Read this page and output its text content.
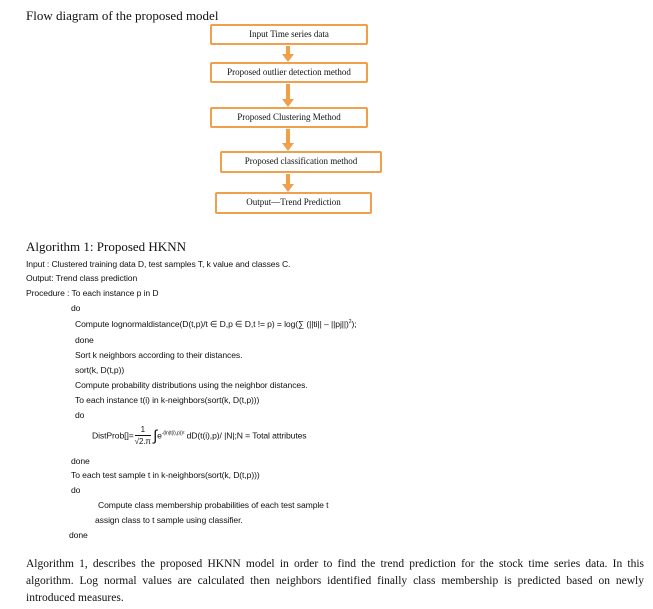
Flow diagram of the proposed model
Input Time series data
Proposed outlier detection method
Proposed Clustering Method
Proposed classification method
Output—Trend Prediction
Algorithm 1: Proposed HKNN
Input : Clustered training data D, test samples T, k value and classes C.
Output: Trend class prediction
Procedure : To each instance p in D
do
Compute lognormaldistance(D(t,p)/t ∈ D,p ∈ D,t != p) = log(∑ (||ti|| – ||pj||)$^2$);
done
Sort k neighbors according to their distances.
sort(k, D(t,p))
Compute probability distributions using the neighbor distances.
To each instance t(i) in k-neighbors(sort(k, D(t,p)))
do
DistProb[]= $\frac{1}{√2.\pi} \int e^{-(ln(t(i),p))^2}$ dD(t(i),p)/ |N|;N = Total attributes
done
To each test sample t in k-neighbors(sort(k, D(t,p)))
do
Compute class membership probabilities of each test sample t
assign class to t sample using classifier.
done
Algorithm 1, describes the proposed HKNN model in order to find the trend prediction for the stock time series data. In this algorithm. Log normal values are calculated then neighbors identified finally class membership is predicted based on newly introduced measures.
